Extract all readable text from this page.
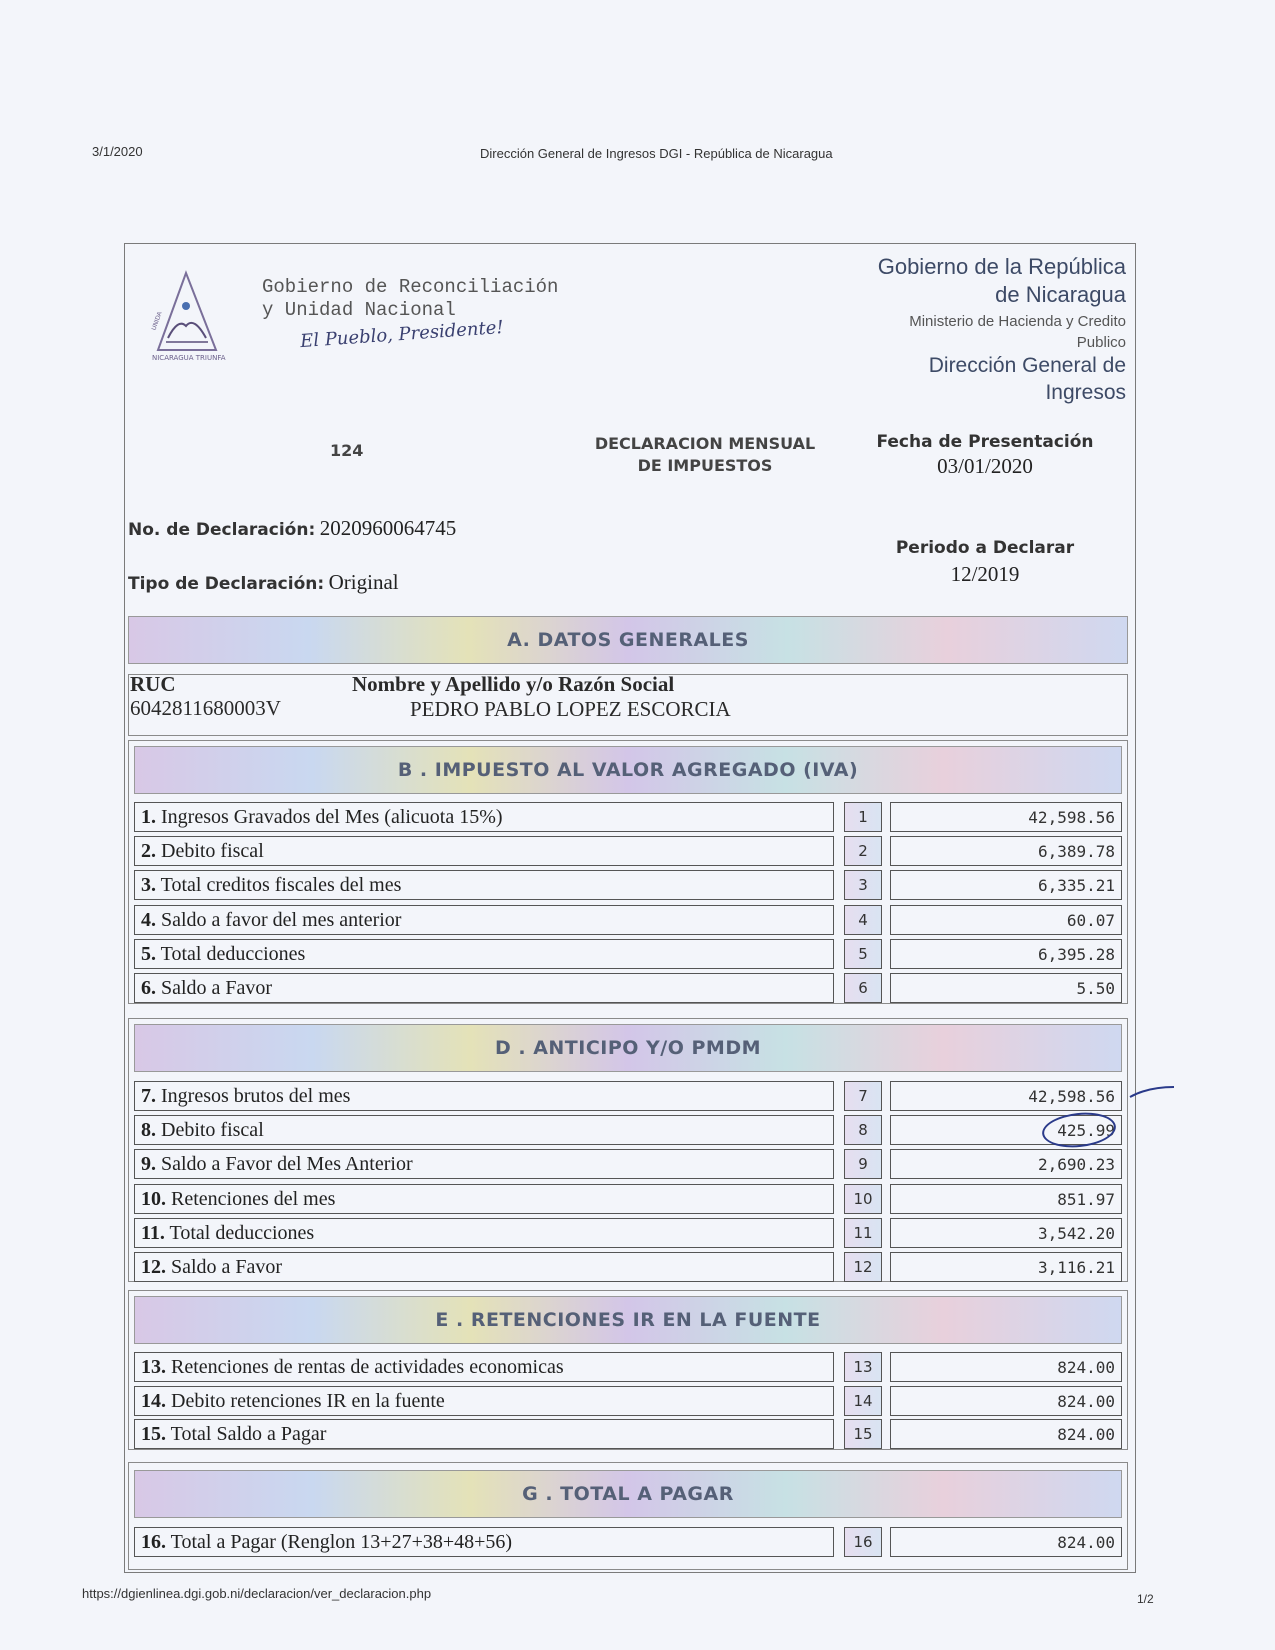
3/1/2020	Dirección General de Ingresos DGI - República de Nicaragua
https://dgienlinea.dgi.gob.ni/declaracion/ver_declaracion.php	1/2
NICARAGUA TRIUNFA
UNIDA
Gobierno de Reconciliación
y Unidad Nacional
El Pueblo, Presidente!
Gobierno de la República
de Nicaragua
Ministerio de Hacienda y Credito
Publico
Dirección General de
Ingresos
124	DECLARACION MENSUAL
DE IMPUESTOS
Fecha de Presentación
03/01/2020
Periodo a Declarar
12/2019
No. de Declaración: 2020960064745
Tipo de Declaración: Original
A. DATOS GENERALES
RUC
6042811680003V
Nombre y Apellido y/o Razón Social
PEDRO PABLO LOPEZ ESCORCIA
B . IMPUESTO AL VALOR AGREGADO (IVA)
1. Ingresos Gravados del Mes (alicuota 15%)	1	42,598.56
2. Debito fiscal	2	6,389.78
3. Total creditos fiscales del mes	3	6,335.21
4. Saldo a favor del mes anterior	4	60.07
5. Total deducciones	5	6,395.28
6. Saldo a Favor	6	5.50
D . ANTICIPO Y/O PMDM
7. Ingresos brutos del mes	7	42,598.56
8. Debito fiscal	8	425.99
9. Saldo a Favor del Mes Anterior	9	2,690.23
10. Retenciones del mes	10	851.97
11. Total deducciones	11	3,542.20
12. Saldo a Favor	12	3,116.21
E . RETENCIONES IR EN LA FUENTE
13. Retenciones de rentas de actividades economicas	13	824.00
14. Debito retenciones IR en la fuente	14	824.00
15. Total Saldo a Pagar	15	824.00
G . TOTAL A PAGAR
16. Total a Pagar (Renglon 13+27+38+48+56)	16	824.00
